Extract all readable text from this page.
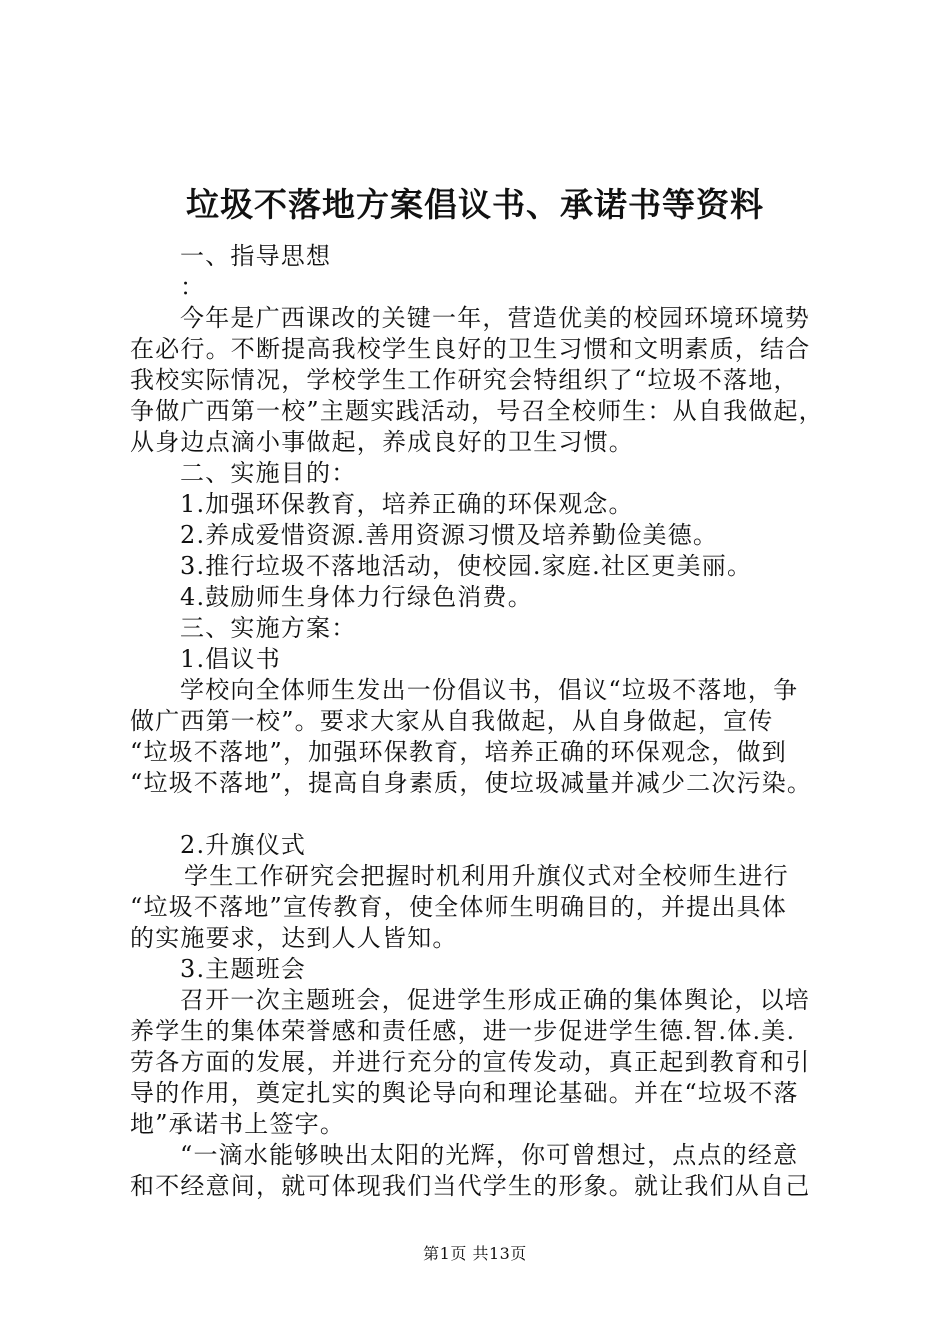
垃圾不落地方案倡议书、承诺书等资料

一、指导思想

：

今年是广西课改的关键一年，营造优美的校园环境环境势

在必行。不断提高我校学生良好的卫生习惯和文明素质，结合

我校实际情况，学校学生工作研究会特组织了“垃圾不落地，

争做广西第一校”主题实践活动，号召全校师生：从自我做起，

从身边点滴小事做起，养成良好的卫生习惯。

二、实施目的：

1.加强环保教育，培养正确的环保观念。

2.养成爱惜资源.善用资源习惯及培养勤俭美德。

3.推行垃圾不落地活动，使校园.家庭.社区更美丽。

4.鼓励师生身体力行绿色消费。

三、实施方案：

1.倡议书

学校向全体师生发出一份倡议书，倡议“垃圾不落地，争

做广西第一校”。要求大家从自我做起，从自身做起，宣传

“垃圾不落地”，加强环保教育，培养正确的环保观念，做到

“垃圾不落地”，提高自身素质，使垃圾减量并减少二次污染。

2.升旗仪式

学生工作研究会把握时机利用升旗仪式对全校师生进行

“垃圾不落地”宣传教育，使全体师生明确目的，并提出具体

的实施要求，达到人人皆知。

3.主题班会

召开一次主题班会，促进学生形成正确的集体舆论，以培

养学生的集体荣誉感和责任感，进一步促进学生德.智.体.美.

劳各方面的发展，并进行充分的宣传发动，真正起到教育和引

导的作用，奠定扎实的舆论导向和理论基础。并在“垃圾不落

地”承诺书上签字。

“一滴水能够映出太阳的光辉，你可曾想过，点点的经意

和不经意间，就可体现我们当代学生的形象。就让我们从自己

第1页 共13页
